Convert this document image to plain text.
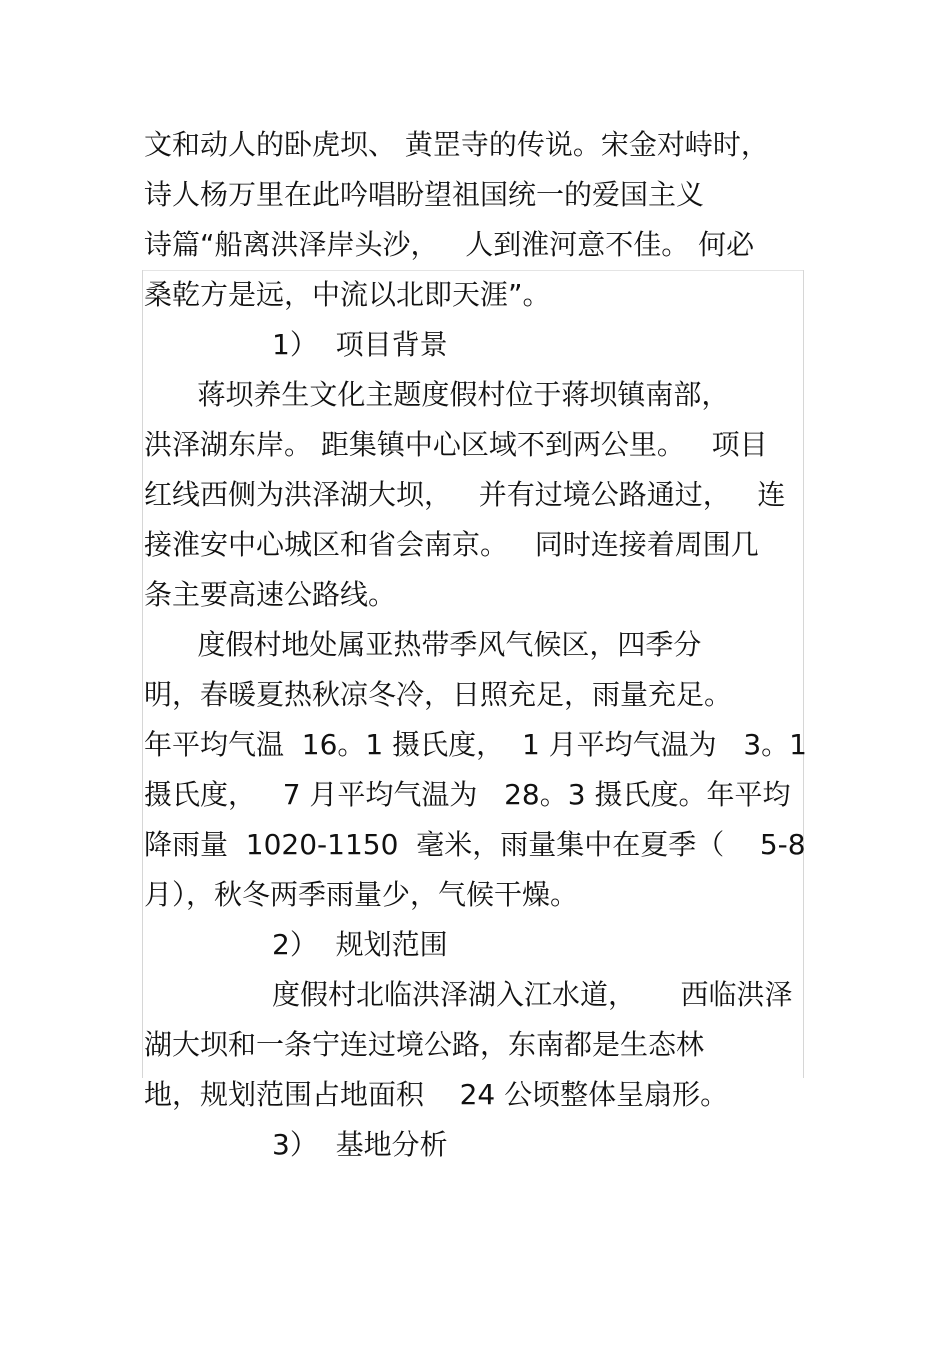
文和动人的卧虎坝、 黄罡寺的传说。宋金对峙时，
诗人杨万里在此吟唱盼望祖国统一的爱国主义
诗篇“船离洪泽岸头沙，   人到淮河意不佳。 何必
桑乾方是远，中流以北即天涯”。
1）  项目背景
蒋坝养生文化主题度假村位于蒋坝镇南部，
洪泽湖东岸。 距集镇中心区域不到两公里。   项目
红线西侧为洪泽湖大坝，   并有过境公路通过，   连
接淮安中心城区和省会南京。   同时连接着周围几
条主要高速公路线。
度假村地处属亚热带季风气候区，四季分
明，春暖夏热秋凉冬冷，日照充足，雨量充足。
年平均气温  16。1 摄氏度，  1 月平均气温为   3。1
摄氏度，   7 月平均气温为   28。3 摄氏度。年平均
降雨量  1020-1150  毫米，雨量集中在夏季（    5-8
月），秋冬两季雨量少，气候干燥。
2）  规划范围
度假村北临洪泽湖入江水道，     西临洪泽
湖大坝和一条宁连过境公路，东南都是生态林
地，规划范围占地面积    24 公顷整体呈扇形。
3）  基地分析
